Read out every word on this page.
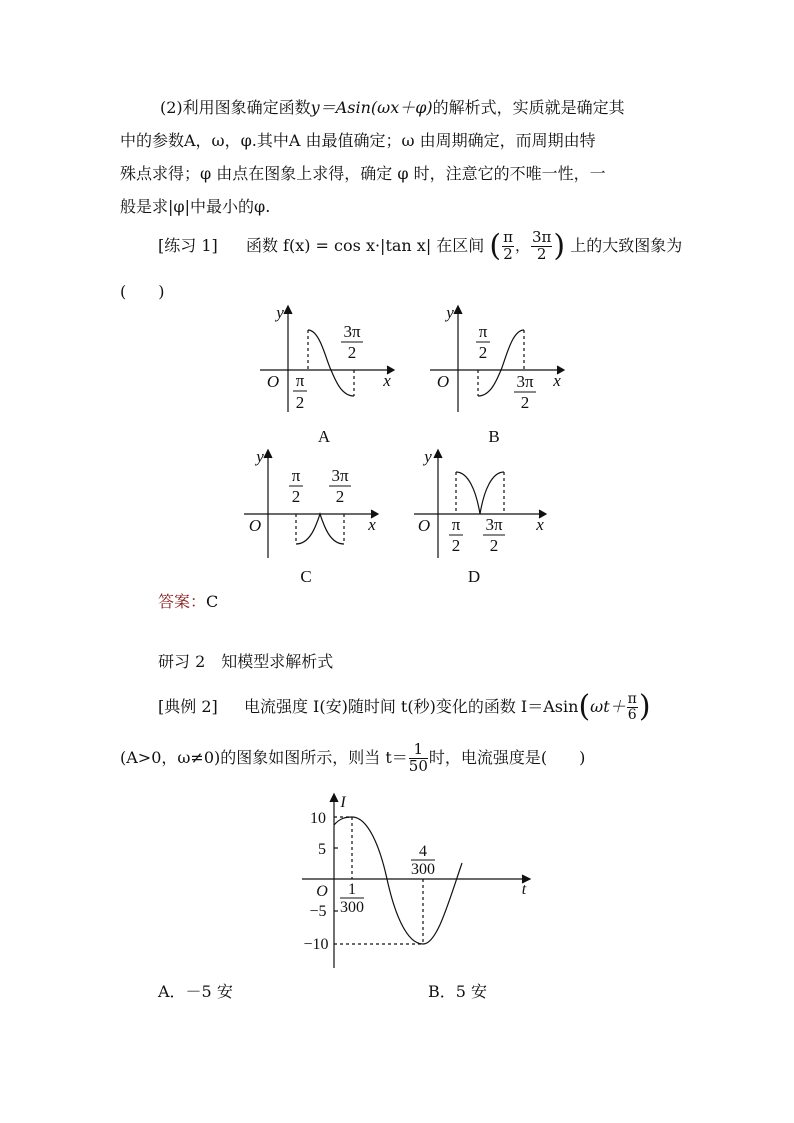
(2)利用图象确定函数y＝Asin(ωx＋φ)的解析式，实质就是确定其
中的参数A，ω，φ.其中A 由最值确定；ω 由周期确定，而周期由特
殊点求得；φ 由点在图象上求得，确定 φ 时，注意它的不唯一性，一
般是求|φ|中最小的φ.
[练习 1] 函数 f(x) = cos x·|tan x| 在区间 ( $\frac{\pi}{2}$ ， $\frac{3\pi}{2}$ ) 上的大致图象为
(　　)
y
x
O π
2
3π
2
A
y
x
O
π
2
3π
2
B
y
x
O
π
2
3π
2
C
y
x
O π
2
3π
2
D
答案：C
研习 2　知模型求解析式
[典例 2] 电流强度 I(安)随时间 t(秒)变化的函数 $I=Asin(\omega t+ \frac{\pi}{6}$ )
(A>0，ω≠0)的图象如图所示，则当 $t= \frac{1}{50}$ 时，电流强度是(　　)
I
t
O
10
5
−5
−10
1
300
4
300
A．－5 安	B．5 安
